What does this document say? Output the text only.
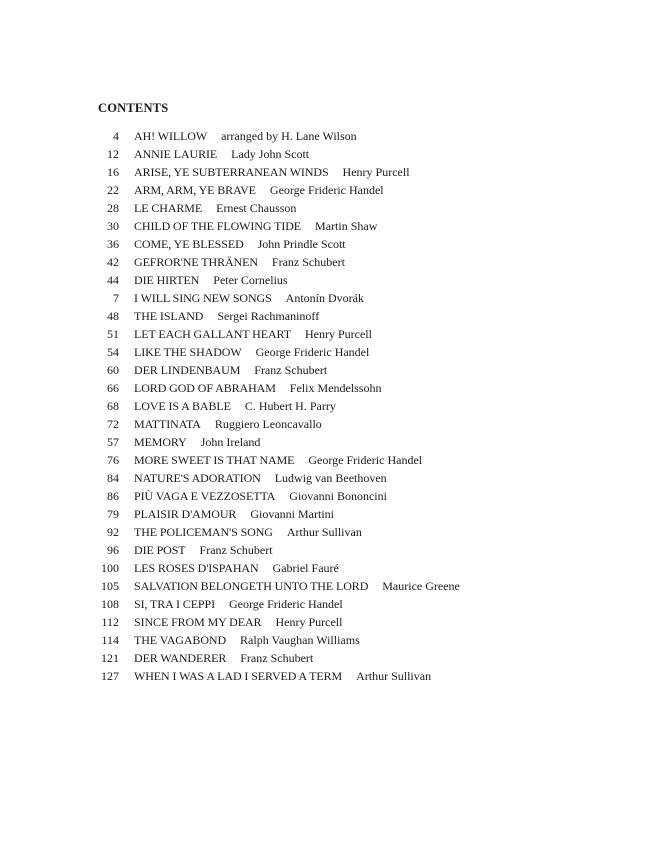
CONTENTS
4	AH! WILLOW arranged by H. Lane Wilson
12	ANNIE LAURIE Lady John Scott
16	ARISE, YE SUBTERRANEAN WINDS Henry Purcell
22	ARM, ARM, YE BRAVE George Frideric Handel
28	LE CHARME Ernest Chausson
30	CHILD OF THE FLOWING TIDE Martin Shaw
36	COME, YE BLESSED John Prindle Scott
42	GEFROR'NE THRÄNEN Franz Schubert
44	DIE HIRTEN Peter Cornelius
7	I WILL SING NEW SONGS Antonín Dvorák
48	THE ISLAND Sergei Rachmaninoff
51	LET EACH GALLANT HEART Henry Purcell
54	LIKE THE SHADOW George Frideric Handel
60	DER LINDENBAUM Franz Schubert
66	LORD GOD OF ABRAHAM Felix Mendelssohn
68	LOVE IS A BABLE C. Hubert H. Parry
72	MATTINATA Ruggiero Leoncavallo
57	MEMORY John Ireland
76	MORE SWEET IS THAT NAME George Frideric Handel
84	NATURE'S ADORATION Ludwig van Beethoven
86	PIÙ VAGA E VEZZOSETTA Giovanni Bononcini
79	PLAISIR D'AMOUR Giovanni Martini
92	THE POLICEMAN'S SONG Arthur Sullivan
96	DIE POST Franz Schubert
100	LES ROSES D'ISPAHAN Gabriel Fauré
105	SALVATION BELONGETH UNTO THE LORD Maurice Greene
108	SI, TRA I CEPPI George Frideric Handel
112	SINCE FROM MY DEAR Henry Purcell
114	THE VAGABOND Ralph Vaughan Williams
121	DER WANDERER Franz Schubert
127	WHEN I WAS A LAD I SERVED A TERM Arthur Sullivan
